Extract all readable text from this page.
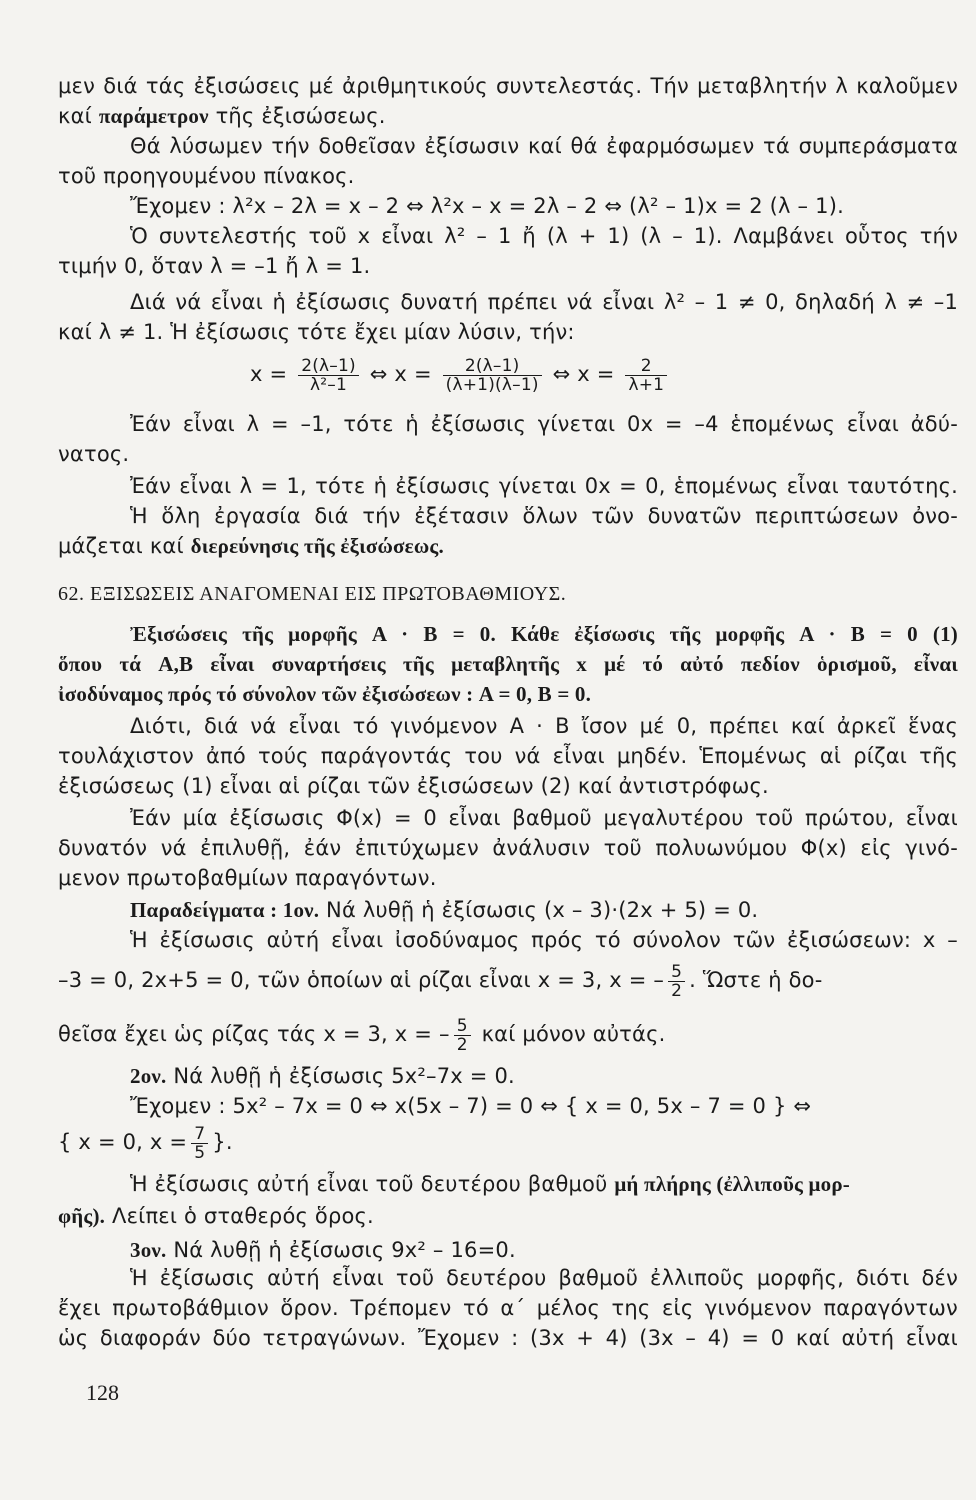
μεν διά τάς ἐξισώσεις μέ ἀριθμητικούς συντελεστάς. Τήν μεταβλητήν λ καλοῦμεν
καί παράμετρον τῆς ἐξισώσεως.
Θά λύσωμεν τήν δοθεῖσαν ἐξίσωσιν καί θά ἐφαρμόσωμεν τά συμπεράσματα
τοῦ προηγουμένου πίνακος.
Ἔχομεν : λ²x – 2λ = x – 2 ⇔ λ²x – x = 2λ – 2 ⇔ (λ² – 1)x = 2 (λ – 1).
Ὁ συντελεστής τοῦ x εἶναι λ² – 1 ἤ (λ + 1) (λ – 1). Λαμβάνει οὗτος τήν
τιμήν 0, ὅταν λ = –1 ἤ λ = 1.
Διά νά εἶναι ἡ ἐξίσωσις δυνατή πρέπει νά εἶναι λ² – 1 ≠ 0, δηλαδή λ ≠ –1
καί λ ≠ 1. Ἡ ἐξίσωσις τότε ἔχει μίαν λύσιν, τήν:
$x = \frac{2(\lambda-1)}{\text{λ²–1}}$ ⇔ $x = \frac{2(\lambda-1)}{(\lambda+1)(\lambda-1)}$ ⇔ $x = \frac{2}{\lambda+1}$
Ἐάν εἶναι λ = –1, τότε ἡ ἐξίσωσις γίνεται 0x = –4 ἑπομένως εἶναι ἀδύ-
νατος.
Ἐάν εἶναι λ = 1, τότε ἡ ἐξίσωσις γίνεται 0x = 0, ἑπομένως εἶναι ταυτότης.
Ἡ ὅλη ἐργασία διά τήν ἐξέτασιν ὅλων τῶν δυνατῶν περιπτώσεων ὀνο-
μάζεται καί διερεύνησις τῆς ἐξισώσεως.
62. ΕΞΙΣΩΣΕΙΣ ΑΝΑΓΟΜΕΝΑΙ ΕΙΣ ΠΡΩΤΟΒΑΘΜΙΟΥΣ.
Ἐξισώσεις τῆς μορφῆς A · B = 0. Κάθε ἐξίσωσις τῆς μορφῆς A · B = 0 (1)
ὅπου τά A,B εἶναι συναρτήσεις τῆς μεταβλητῆς x μέ τό αὐτό πεδίον ὁρισμοῦ, εἶναι
ἰσοδύναμος πρός τό σύνολον τῶν ἐξισώσεων : A = 0, B = 0.
Διότι, διά νά εἶναι τό γινόμενον A · B ἴσον μέ 0, πρέπει καί ἀρκεῖ ἕνας
τουλάχιστον ἀπό τούς παράγοντάς του νά εἶναι μηδέν. Ἑπομένως αἱ ρίζαι τῆς
ἐξισώσεως (1) εἶναι αἱ ρίζαι τῶν ἐξισώσεων (2) καί ἀντιστρόφως.
Ἐάν μία ἐξίσωσις Φ(x) = 0 εἶναι βαθμοῦ μεγαλυτέρου τοῦ πρώτου, εἶναι
δυνατόν νά ἐπιλυθῇ, ἐάν ἐπιτύχωμεν ἀνάλυσιν τοῦ πολυωνύμου Φ(x) εἰς γινό-
μενον πρωτοβαθμίων παραγόντων.
Παραδείγματα : 1ον. Νά λυθῇ ἡ ἐξίσωσις (x – 3)·(2x + 5) = 0.
Ἡ ἐξίσωσις αὐτή εἶναι ἰσοδύναμος πρός τό σύνολον τῶν ἐξισώσεων: x –
–3 = 0, 2x+5 = 0, τῶν ὁποίων αἱ ρίζαι εἶναι x = 3, x = – $\frac{5}{2}$ . Ὥστε ἡ δο-
θεῖσα ἔχει ὡς ρίζας τάς x = 3, x = – $\frac{5}{2}$ καί μόνον αὐτάς.
2ον. Νά λυθῇ ἡ ἐξίσωσις 5x²–7x = 0.
Ἔχομεν : 5x² – 7x = 0 ⇔ x(5x – 7) = 0 ⇔ { x = 0, 5x – 7 = 0 } ⇔
{ x = 0, $x = \frac{7}{5}$ }.
Ἡ ἐξίσωσις αὐτή εἶναι τοῦ δευτέρου βαθμοῦ μή πλήρης (ἐλλιποῦς μορ-
φῆς). Λείπει ὁ σταθερός ὅρος.
3ον. Νά λυθῇ ἡ ἐξίσωσις 9x² – 16=0.
Ἡ ἐξίσωσις αὐτή εἶναι τοῦ δευτέρου βαθμοῦ ἐλλιποῦς μορφῆς, διότι δέν
ἔχει πρωτοβάθμιον ὅρον. Τρέπομεν τό α΄ μέλος της εἰς γινόμενον παραγόντων
ὡς διαφοράν δύο τετραγώνων. Ἔχομεν : (3x + 4) (3x – 4) = 0 καί αὐτή εἶναι
128
